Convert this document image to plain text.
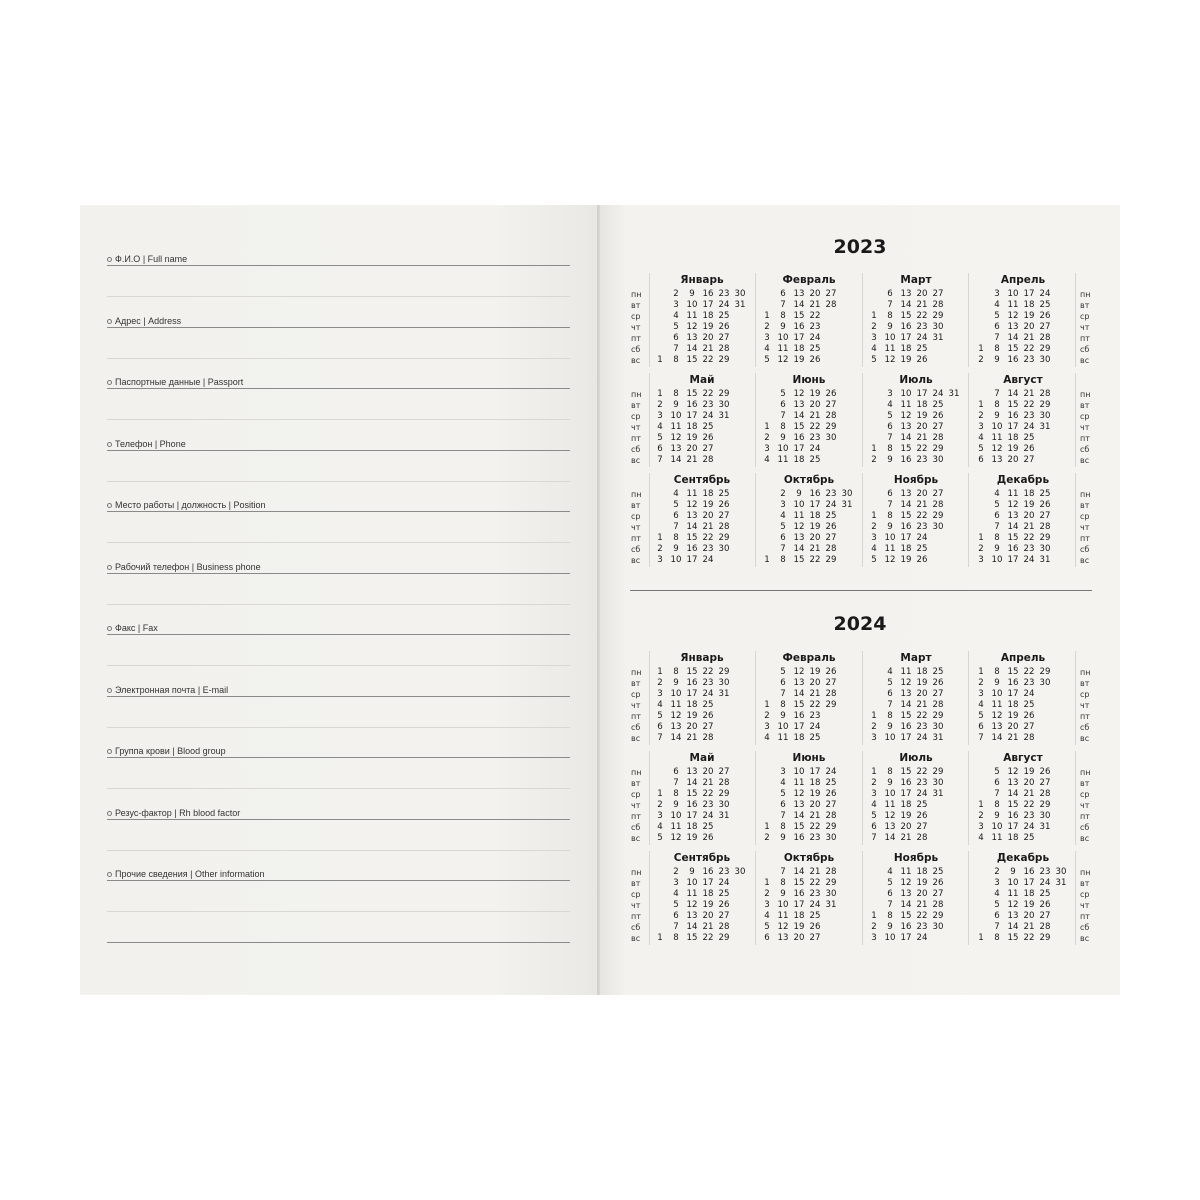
Ф.И.О | Full name
Адрес | Address
Паспортные данные | Passport
Телефон | Phone
Место работы | должность | Position
Рабочий телефон | Business phone
Факс | Fax
Электронная почта | E-mail
Группа крови | Blood group
Резус-фактор | Rh blood factor
Прочие сведения | Other information
2023
пн
вт
ср
чт
пт
сб
вс
пн
вт
ср
чт
пт
сб
вс
Январь
1
2
3
4
5
6
7
8
9
10
11
12
13
14
15
16
17
18
19
20
21
22
23
24
25
26
27
28
29
30
31
Февраль
1
2
3
4
5
6
7
8
9
10
11
12
13
14
15
16
17
18
19
20
21
22
23
24
25
26
27
28
Март
1
2
3
4
5
6
7
8
9
10
11
12
13
14
15
16
17
18
19
20
21
22
23
24
25
26
27
28
29
30
31
Апрель
1
2
3
4
5
6
7
8
9
10
11
12
13
14
15
16
17
18
19
20
21
22
23
24
25
26
27
28
29
30
пн
вт
ср
чт
пт
сб
вс
пн
вт
ср
чт
пт
сб
вс
Май
1
2
3
4
5
6
7
8
9
10
11
12
13
14
15
16
17
18
19
20
21
22
23
24
25
26
27
28
29
30
31
Июнь
1
2
3
4
5
6
7
8
9
10
11
12
13
14
15
16
17
18
19
20
21
22
23
24
25
26
27
28
29
30
Июль
1
2
3
4
5
6
7
8
9
10
11
12
13
14
15
16
17
18
19
20
21
22
23
24
25
26
27
28
29
30
31
Август
1
2
3
4
5
6
7
8
9
10
11
12
13
14
15
16
17
18
19
20
21
22
23
24
25
26
27
28
29
30
31
пн
вт
ср
чт
пт
сб
вс
пн
вт
ср
чт
пт
сб
вс
Сентябрь
1
2
3
4
5
6
7
8
9
10
11
12
13
14
15
16
17
18
19
20
21
22
23
24
25
26
27
28
29
30
Октябрь
1
2
3
4
5
6
7
8
9
10
11
12
13
14
15
16
17
18
19
20
21
22
23
24
25
26
27
28
29
30
31
Ноябрь
1
2
3
4
5
6
7
8
9
10
11
12
13
14
15
16
17
18
19
20
21
22
23
24
25
26
27
28
29
30
Декабрь
1
2
3
4
5
6
7
8
9
10
11
12
13
14
15
16
17
18
19
20
21
22
23
24
25
26
27
28
29
30
31
2024
пн
вт
ср
чт
пт
сб
вс
пн
вт
ср
чт
пт
сб
вс
Январь
1
2
3
4
5
6
7
8
9
10
11
12
13
14
15
16
17
18
19
20
21
22
23
24
25
26
27
28
29
30
31
Февраль
1
2
3
4
5
6
7
8
9
10
11
12
13
14
15
16
17
18
19
20
21
22
23
24
25
26
27
28
29
Март
1
2
3
4
5
6
7
8
9
10
11
12
13
14
15
16
17
18
19
20
21
22
23
24
25
26
27
28
29
30
31
Апрель
1
2
3
4
5
6
7
8
9
10
11
12
13
14
15
16
17
18
19
20
21
22
23
24
25
26
27
28
29
30
пн
вт
ср
чт
пт
сб
вс
пн
вт
ср
чт
пт
сб
вс
Май
1
2
3
4
5
6
7
8
9
10
11
12
13
14
15
16
17
18
19
20
21
22
23
24
25
26
27
28
29
30
31
Июнь
1
2
3
4
5
6
7
8
9
10
11
12
13
14
15
16
17
18
19
20
21
22
23
24
25
26
27
28
29
30
Июль
1
2
3
4
5
6
7
8
9
10
11
12
13
14
15
16
17
18
19
20
21
22
23
24
25
26
27
28
29
30
31
Август
1
2
3
4
5
6
7
8
9
10
11
12
13
14
15
16
17
18
19
20
21
22
23
24
25
26
27
28
29
30
31
пн
вт
ср
чт
пт
сб
вс
пн
вт
ср
чт
пт
сб
вс
Сентябрь
1
2
3
4
5
6
7
8
9
10
11
12
13
14
15
16
17
18
19
20
21
22
23
24
25
26
27
28
29
30
Октябрь
1
2
3
4
5
6
7
8
9
10
11
12
13
14
15
16
17
18
19
20
21
22
23
24
25
26
27
28
29
30
31
Ноябрь
1
2
3
4
5
6
7
8
9
10
11
12
13
14
15
16
17
18
19
20
21
22
23
24
25
26
27
28
29
30
Декабрь
1
2
3
4
5
6
7
8
9
10
11
12
13
14
15
16
17
18
19
20
21
22
23
24
25
26
27
28
29
30
31
